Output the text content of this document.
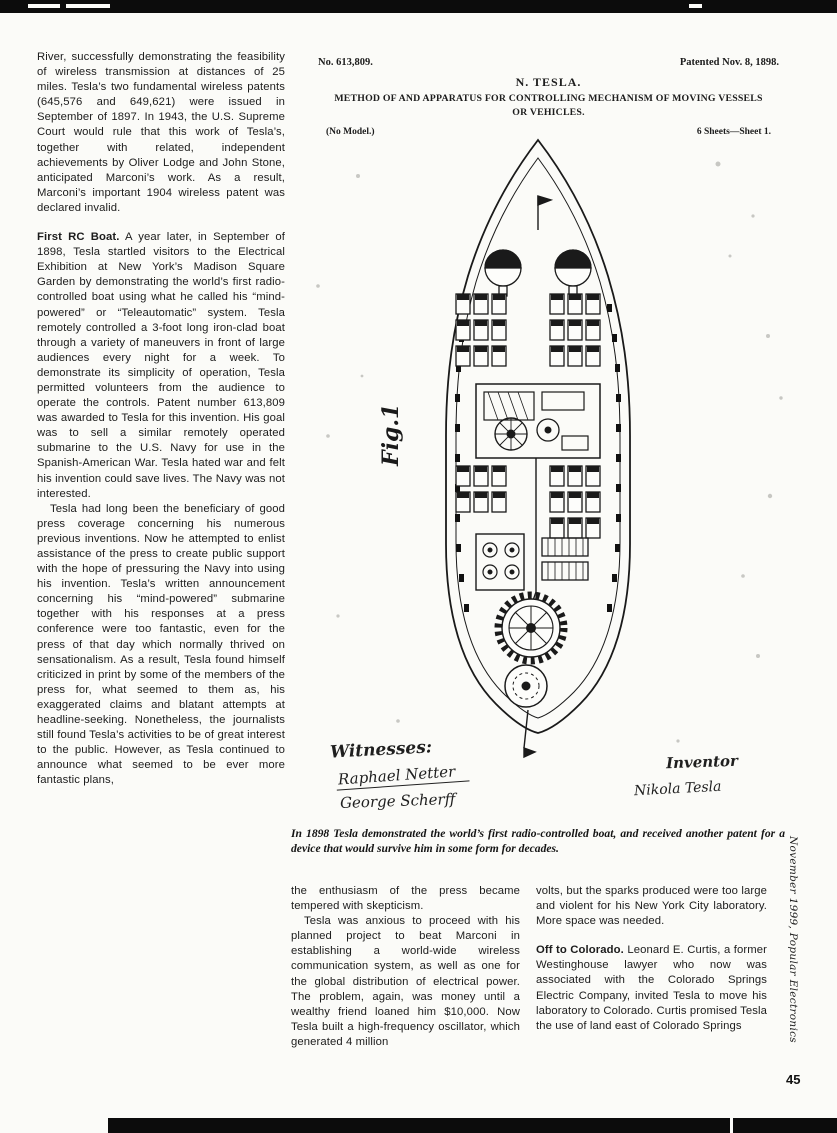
River, successfully demonstrating the feasibility of wireless transmission at distances of 25 miles. Tesla’s two fundamental wireless patents (645,576 and 649,621) were issued in September of 1897. In 1943, the U.S. Supreme Court would rule that this work of Tesla’s, together with related, independent achievements by Oliver Lodge and John Stone, anticipated Marconi’s work. As a result, Marconi’s important 1904 wireless patent was declared invalid.

First RC Boat. A year later, in September of 1898, Tesla startled visitors to the Electrical Exhibition at New York’s Madison Square Garden by demonstrating the world’s first radio-controlled boat using what he called his “mind-powered” or “Teleautomatic” system. Tesla remotely controlled a 3-foot long iron-clad boat through a variety of maneuvers in front of large audiences every night for a week. To demonstrate its simplicity of operation, Tesla permitted volunteers from the audience to operate the controls. Patent number 613,809 was awarded to Tesla for this invention. His goal was to sell a similar remotely operated submarine to the U.S. Navy for use in the Spanish-American War. Tesla hated war and felt his invention could save lives. The Navy was not interested.

Tesla had long been the beneficiary of good press coverage concerning his numerous previous inventions. Now he attempted to enlist assistance of the press to create public support with the hope of pressuring the Navy into using his invention. Tesla’s written announcement concerning his “mind-powered” submarine together with his responses at a press conference were too fantastic, even for the press of that day which normally thrived on sensationalism. As a result, Tesla found himself criticized in print by some of the members of the press for, what seemed to them as, his exaggerated claims and blatant attempts at headline-seeking. Nonetheless, the journalists still found Tesla’s activities to be of great interest to the public. However, as Tesla continued to announce what seemed to be ever more fantastic plans,

No. 613,809.	Patented Nov. 8, 1898.
N. TESLA.
METHOD OF AND APPARATUS FOR CONTROLLING MECHANISM OF MOVING VESSELS
OR VEHICLES.
(No Model.)	6 Sheets—Sheet 1.
Fig.1
Witnesses:
Raphael Netter
George Scherff
Inventor
Nikola Tesla
In 1898 Tesla demonstrated the world’s first radio-controlled boat, and received another patent for a device that would survive him in some form for decades.

the enthusiasm of the press became tempered with skepticism.

Tesla was anxious to proceed with his planned project to beat Marconi in establishing a world-wide wireless communication system, as well as one for the global distribution of electrical power. The problem, again, was money until a wealthy friend loaned him $10,000. Now Tesla built a high-frequency oscillator, which generated 4 million

volts, but the sparks produced were too large and violent for his New York City laboratory. More space was needed.

Off to Colorado. Leonard E. Curtis, a former Westinghouse lawyer who now was associated with the Colorado Springs Electric Company, invited Tesla to move his laboratory to Colorado. Curtis promised Tesla the use of land east of Colorado Springs	November 1999, Popular Electronics
45
